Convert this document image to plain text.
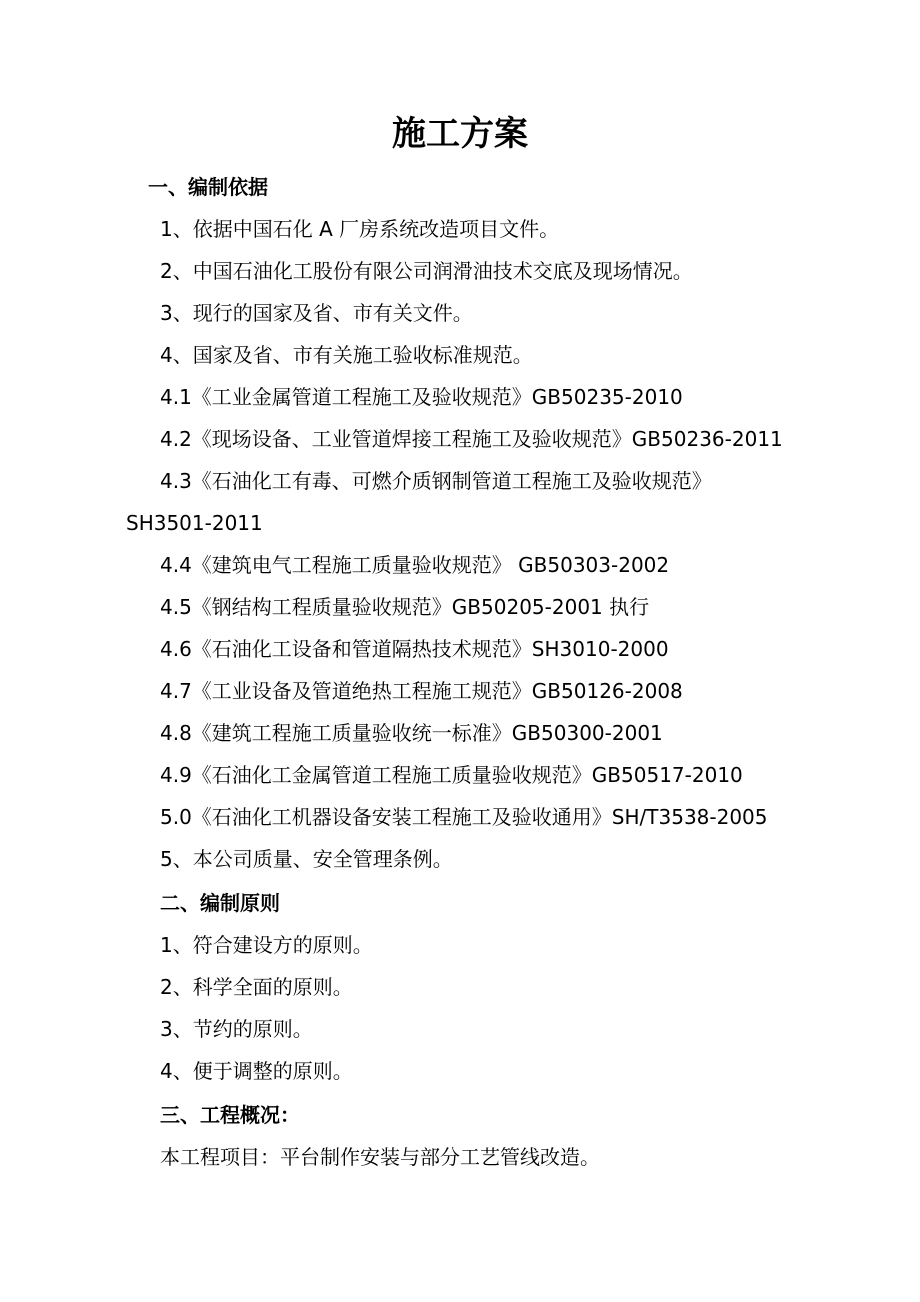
施工方案

一、编制依据

1、依据中国石化 A 厂房系统改造项目文件。

2、中国石油化工股份有限公司润滑油技术交底及现场情况。

3、现行的国家及省、市有关文件。

4、国家及省、市有关施工验收标准规范。

4.1《工业金属管道工程施工及验收规范》GB50235-2010

4.2《现场设备、工业管道焊接工程施工及验收规范》GB50236-2011

4.3《石油化工有毒、可燃介质钢制管道工程施工及验收规范》

SH3501-2011

4.4《建筑电气工程施工质量验收规范》 GB50303-2002

4.5《钢结构工程质量验收规范》GB50205-2001 执行

4.6《石油化工设备和管道隔热技术规范》SH3010-2000

4.7《工业设备及管道绝热工程施工规范》GB50126-2008

4.8《建筑工程施工质量验收统一标准》GB50300-2001

4.9《石油化工金属管道工程施工质量验收规范》GB50517-2010

5.0《石油化工机器设备安装工程施工及验收通用》SH/T3538-2005

5、本公司质量、安全管理条例。

二、编制原则

1、符合建设方的原则。

2、科学全面的原则。

3、节约的原则。

4、便于调整的原则。

三、工程概况：

本工程项目：平台制作安装与部分工艺管线改造。
